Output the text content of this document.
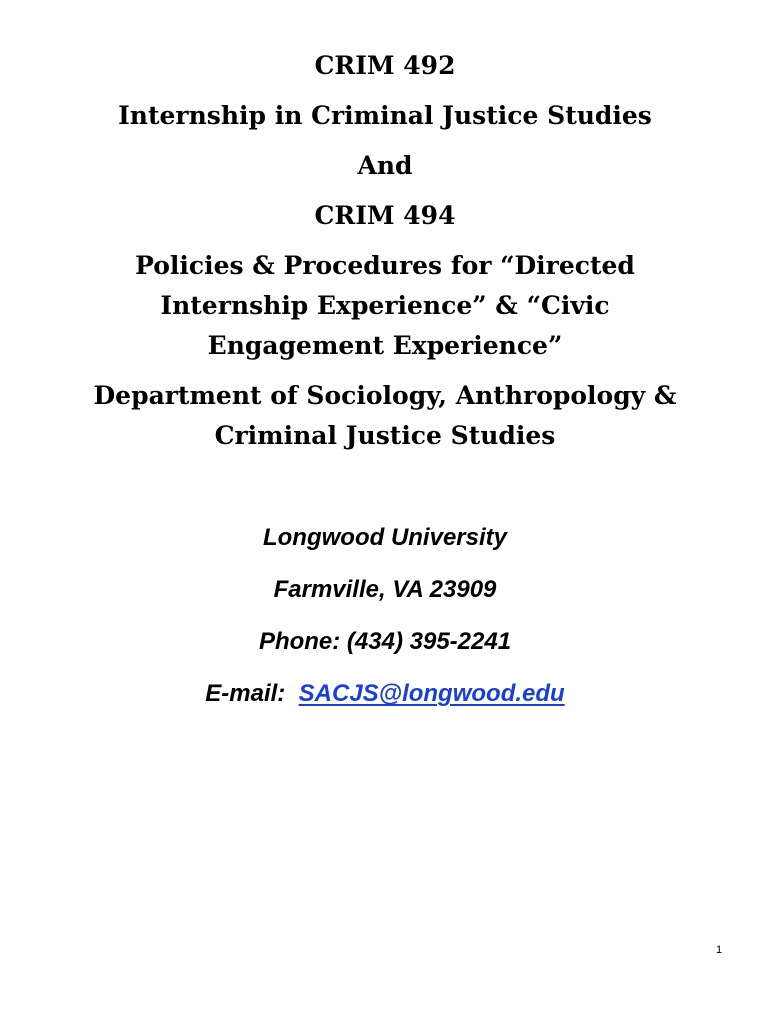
CRIM 492
Internship in Criminal Justice Studies
And
CRIM 494
Policies & Procedures for “Directed
Internship Experience” & “Civic
Engagement Experience”
Department of Sociology, Anthropology &
Criminal Justice Studies
Longwood University
Farmville, VA 23909
Phone: (434) 395-2241
E-mail: SACJS@longwood.edu
1
